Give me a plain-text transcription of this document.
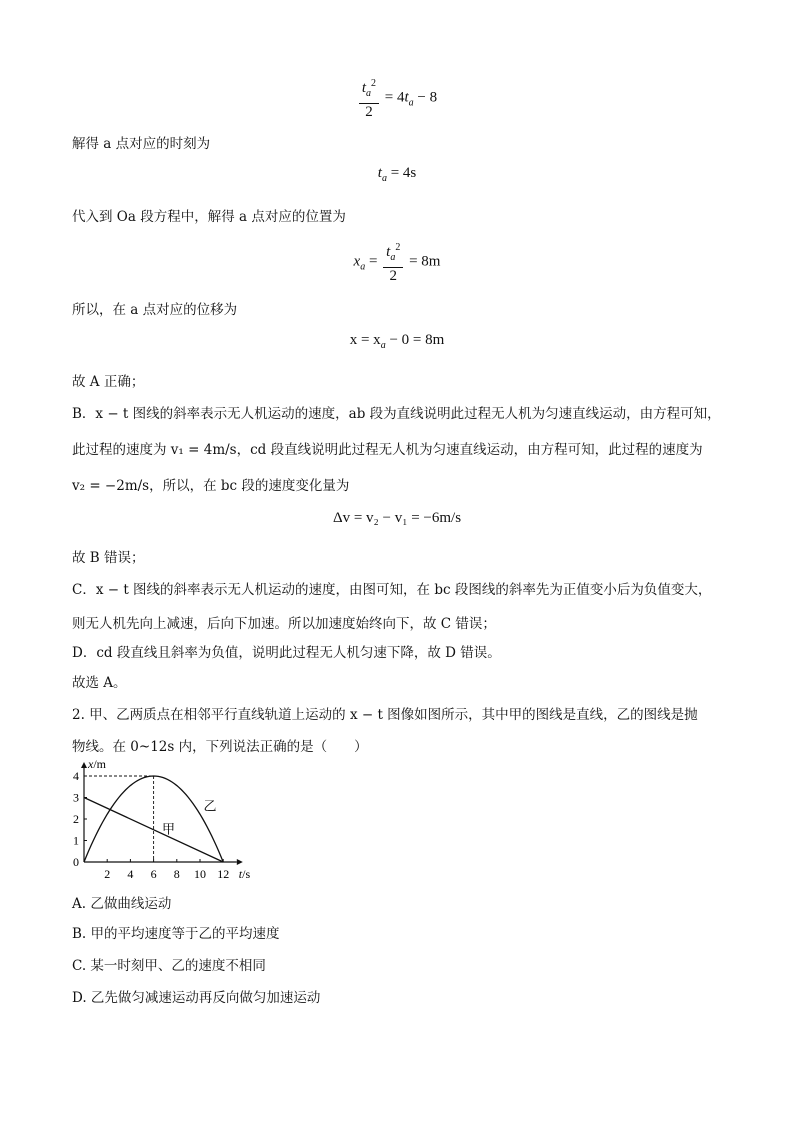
$\frac{t_a^2}{2} = 4t_a - 8$
解得 a 点对应的时刻为
$t_a = 4s$
代入到 Oa 段方程中，解得 a 点对应的位置为
$x_a = \frac{t_a^2}{2} = 8m$
所以，在 a 点对应的位移为
$x = x_a - 0 = 8m$
故 A 正确；
B．x − t 图线的斜率表示无人机运动的速度，ab 段为直线说明此过程无人机为匀速直线运动，由方程可知，
此过程的速度为 v₁ = 4m/s，cd 段直线说明此过程无人机为匀速直线运动，由方程可知，此过程的速度为
v₂ = −2m/s，所以，在 bc 段的速度变化量为
Δv = v₂ − v₁ = −6m/s
故 B 错误；
C．x − t 图线的斜率表示无人机运动的速度，由图可知，在 bc 段图线的斜率先为正值变小后为负值变大，
则无人机先向上减速，后向下加速。所以加速度始终向下，故 C 错误；
D．cd 段直线且斜率为负值，说明此过程无人机匀速下降，故 D 错误。
故选 A。
2. 甲、乙两质点在相邻平行直线轨道上运动的 x − t 图像如图所示，其中甲的图线是直线，乙的图线是抛
物线。在 0~12s 内，下列说法正确的是（　　）
x/m
t/s
2 4 6 8 10 12
0
1
2
3
4
甲
乙
A. 乙做曲线运动
B. 甲的平均速度等于乙的平均速度
C. 某一时刻甲、乙的速度不相同
D. 乙先做匀减速运动再反向做匀加速运动
